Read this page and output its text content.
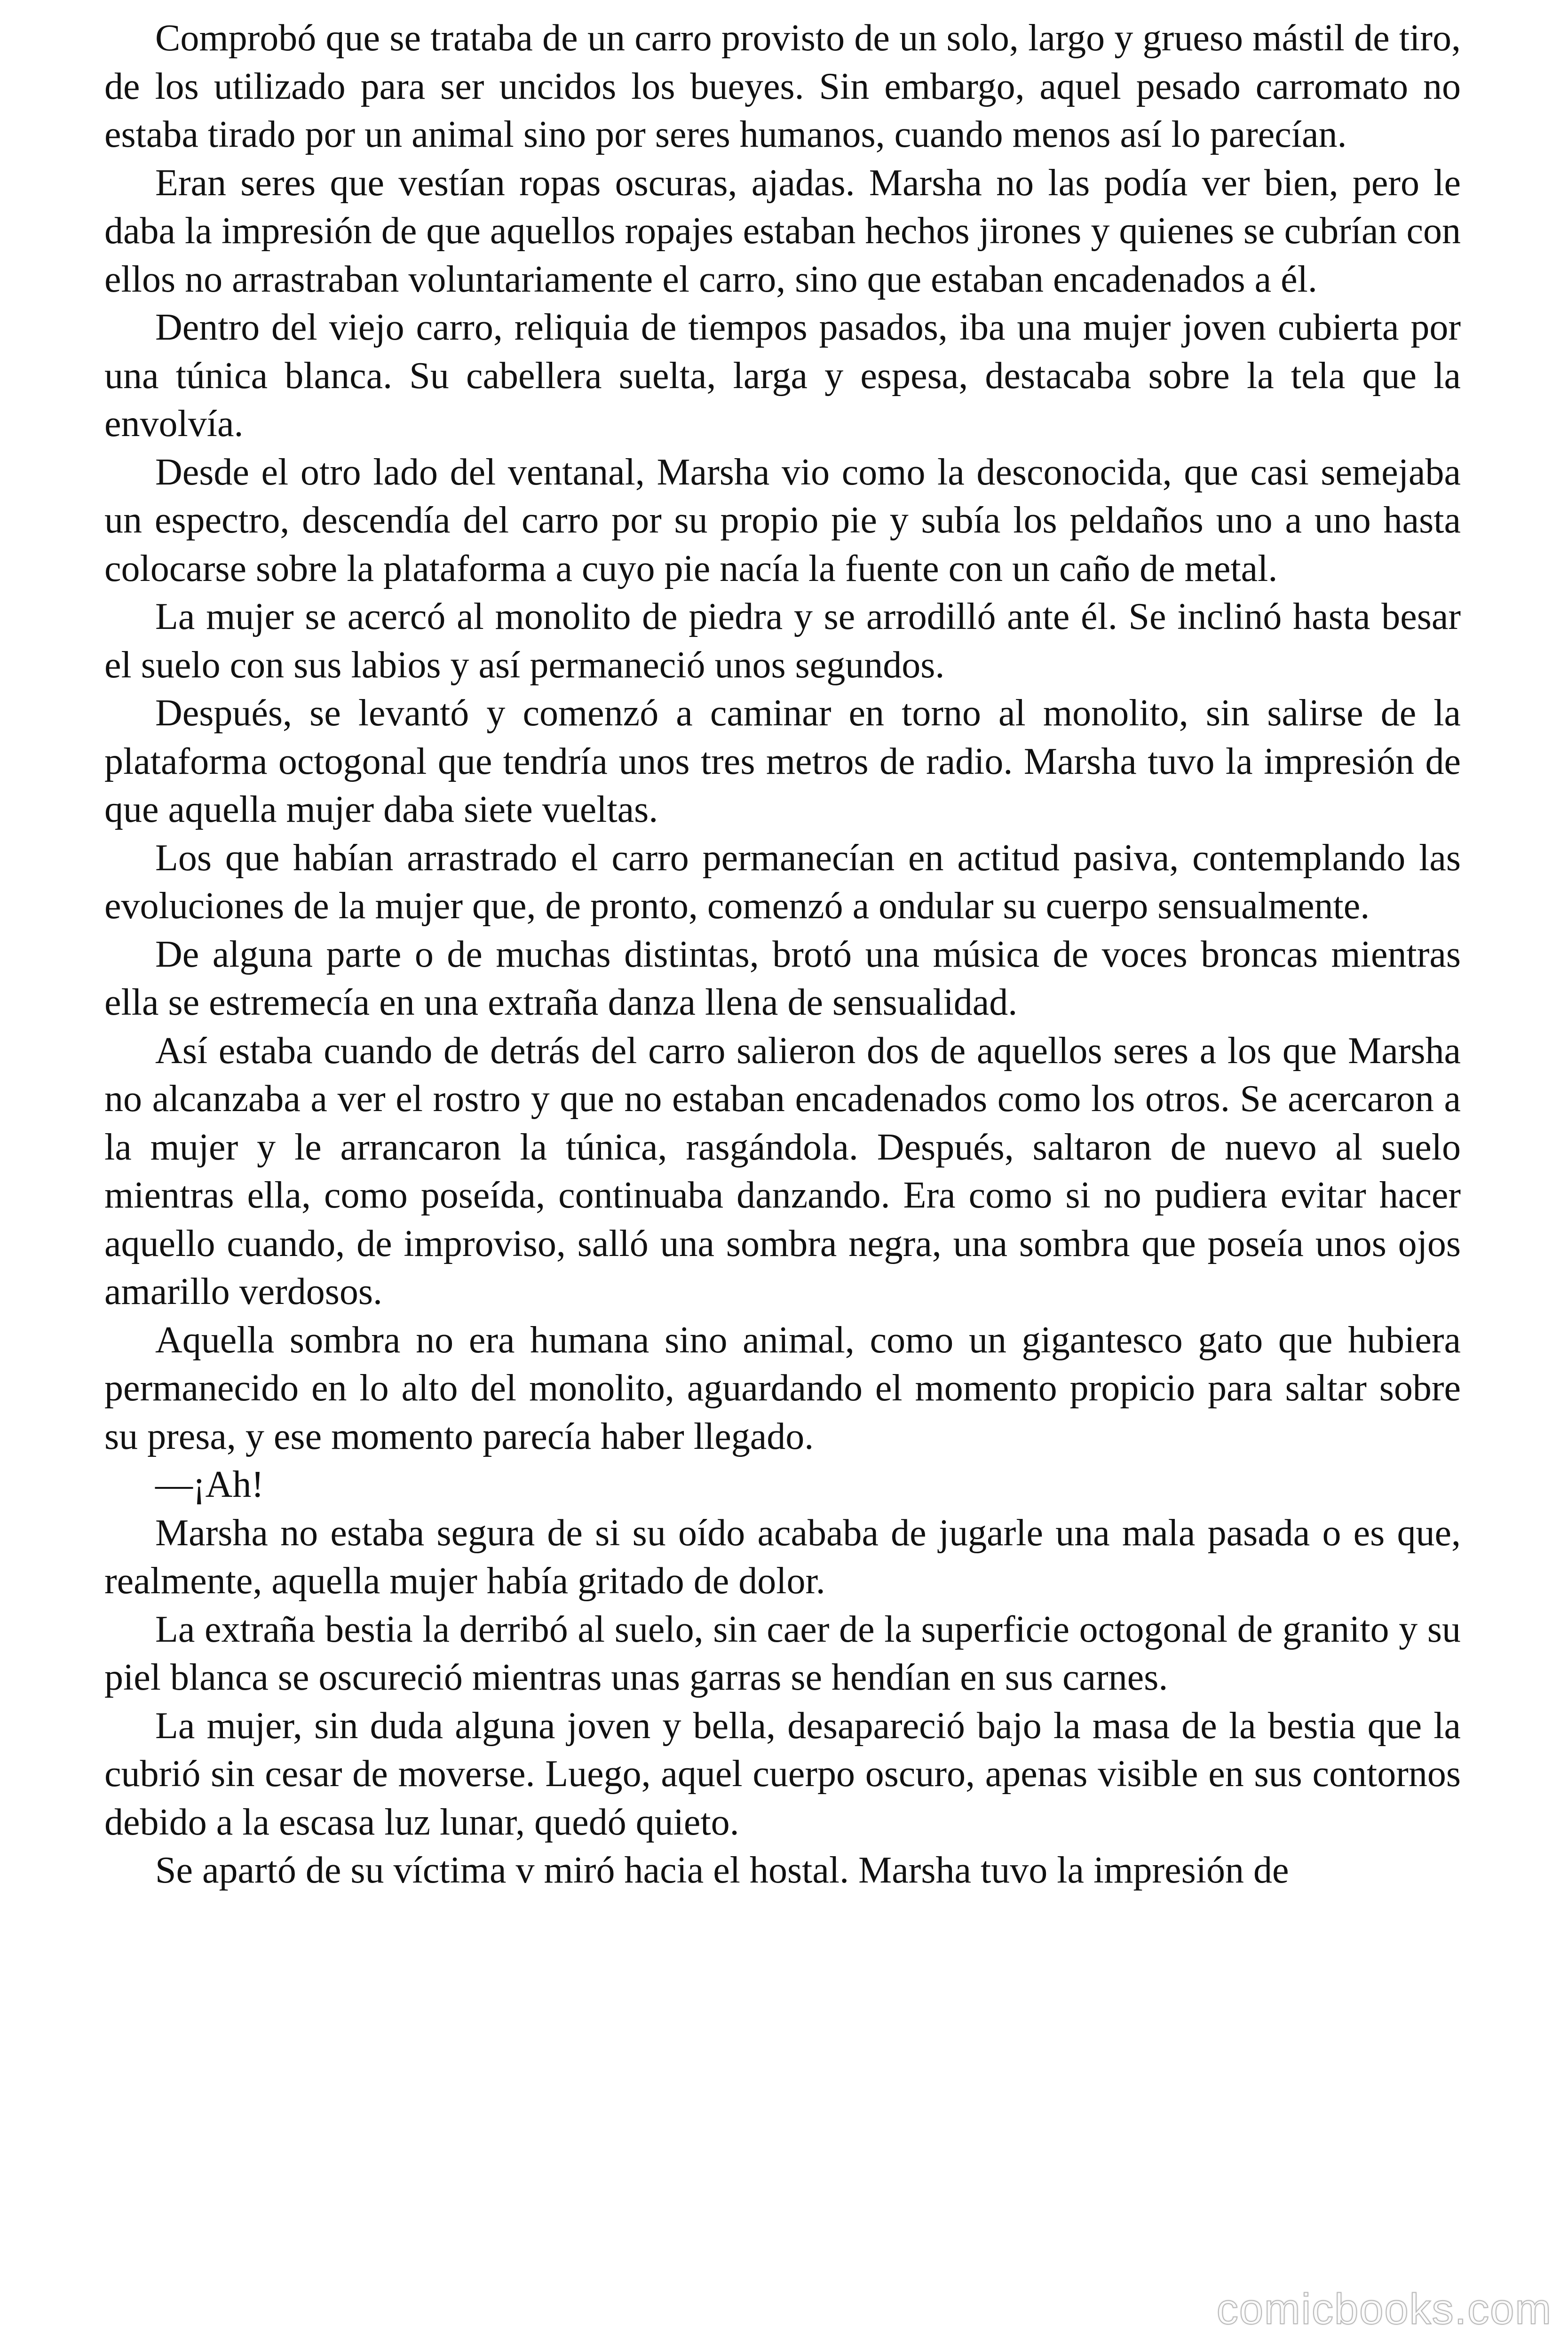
Comprobó que se trataba de un carro provisto de un solo, largo y grueso mástil de tiro, de los utilizado para ser uncidos los bueyes. Sin embargo, aquel pesado carromato no estaba tirado por un animal sino por seres humanos, cuando menos así lo parecían.

Eran seres que vestían ropas oscuras, ajadas. Marsha no las podía ver bien, pero le daba la impresión de que aquellos ropajes estaban hechos jirones y quienes se cubrían con ellos no arrastraban voluntariamente el carro, sino que estaban encadenados a él.

Dentro del viejo carro, reliquia de tiempos pasados, iba una mujer joven cubierta por una túnica blanca. Su cabellera suelta, larga y espesa, destacaba sobre la tela que la envolvía.

Desde el otro lado del ventanal, Marsha vio como la desconocida, que casi semejaba un espectro, descendía del carro por su propio pie y subía los peldaños uno a uno hasta colocarse sobre la plataforma a cuyo pie nacía la fuente con un caño de metal.

La mujer se acercó al monolito de piedra y se arrodilló ante él. Se inclinó hasta besar el suelo con sus labios y así permaneció unos segundos.

Después, se levantó y comenzó a caminar en torno al monolito, sin salirse de la plataforma octogonal que tendría unos tres metros de radio. Marsha tuvo la impresión de que aquella mujer daba siete vueltas.

Los que habían arrastrado el carro permanecían en actitud pasiva, contemplando las evoluciones de la mujer que, de pronto, comenzó a ondular su cuerpo sensualmente.

De alguna parte o de muchas distintas, brotó una música de voces broncas mientras ella se estremecía en una extraña danza llena de sensualidad.

Así estaba cuando de detrás del carro salieron dos de aquellos seres a los que Marsha no alcanzaba a ver el rostro y que no estaban encadenados como los otros. Se acercaron a la mujer y le arrancaron la túnica, rasgándola. Después, saltaron de nuevo al suelo mientras ella, como poseída, continuaba danzando. Era como si no pudiera evitar hacer aquello cuando, de improviso, salló una sombra negra, una sombra que poseía unos ojos amarillo verdosos.

Aquella sombra no era humana sino animal, como un gigantesco gato que hubiera permanecido en lo alto del monolito, aguardando el momento propicio para saltar sobre su presa, y ese momento parecía haber llegado.

—¡Ah!

Marsha no estaba segura de si su oído acababa de jugarle una mala pasada o es que, realmente, aquella mujer había gritado de dolor.

La extraña bestia la derribó al suelo, sin caer de la superficie octogonal de granito y su piel blanca se oscureció mientras unas garras se hendían en sus carnes.

La mujer, sin duda alguna joven y bella, desapareció bajo la masa de la bestia que la cubrió sin cesar de moverse. Luego, aquel cuerpo oscuro, apenas visible en sus contornos debido a la escasa luz lunar, quedó quieto.

Se apartó de su víctima v miró hacia el hostal. Marsha tuvo la impresión de

comicbooks.com
